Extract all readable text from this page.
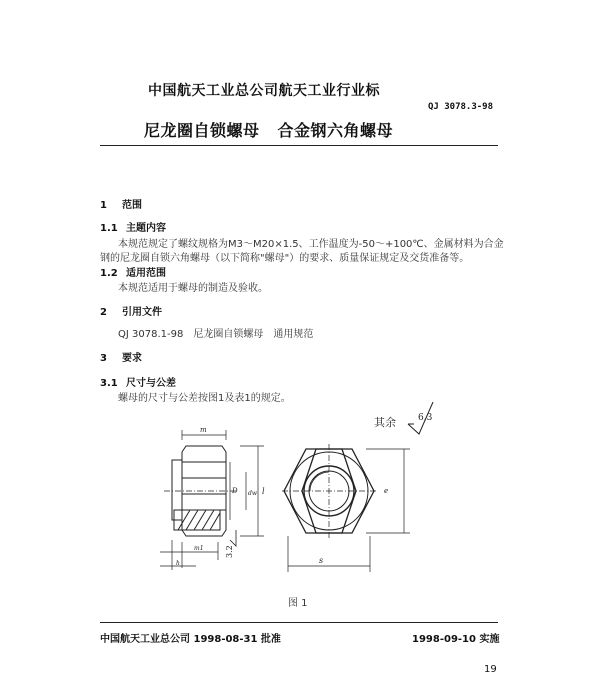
中国航天工业总公司航天工业行业标
QJ 3078.3-98
尼龙圈自锁螺母 合金钢六角螺母
1 范围
1.1 主题内容
本规范规定了螺纹规格为M3～M20×1.5、工作温度为-50～+100℃、金属材料为合金
钢的尼龙圈自锁六角螺母（以下简称"螺母"）的要求、质量保证规定及交货准备等。
1.2 适用范围
本规范适用于螺母的制造及验收。
2 引用文件
QJ 3078.1-98　尼龙圈自锁螺母　通用规范
3 要求
3.1 尺寸与公差
螺母的尺寸与公差按图1及表1的规定。
其余 6.3
m
l
D dw
m1
h
3.2
e
s
图 1
中国航天工业总公司 1998-08-31 批准	1998-09-10 实施
19
